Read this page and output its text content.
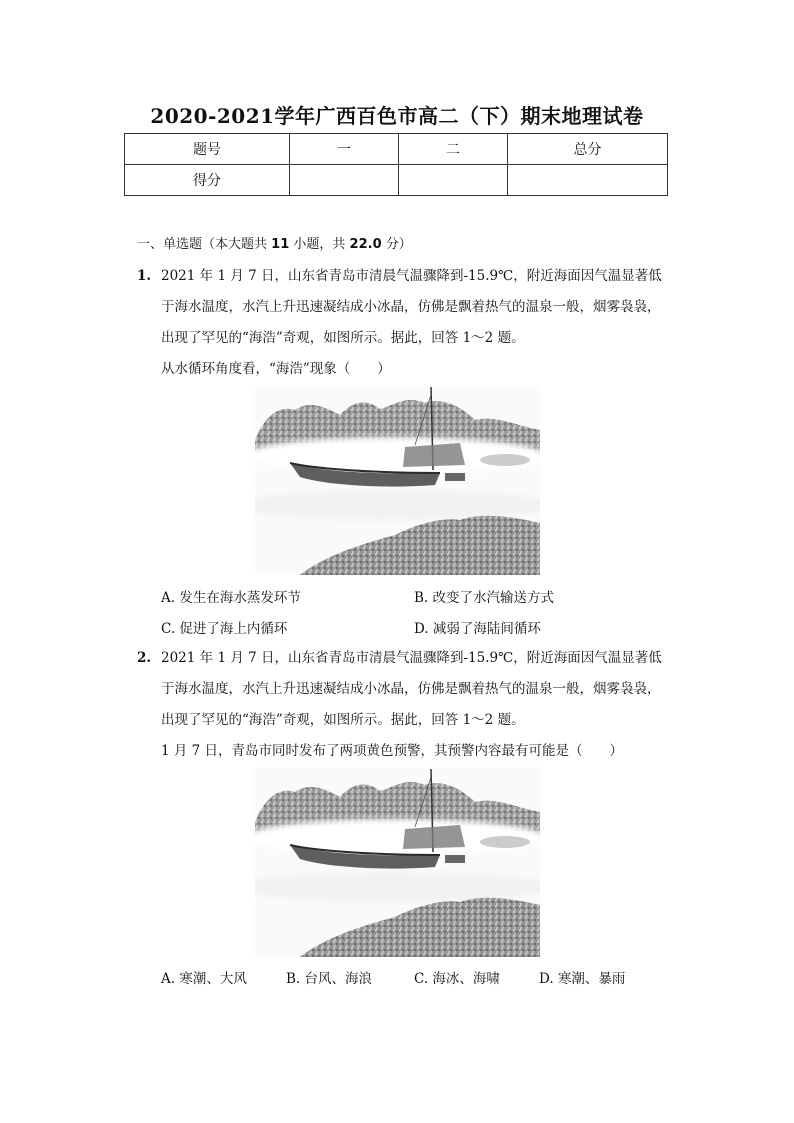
2020-2021学年广西百色市高二（下）期末地理试卷
题号	一	二	总分
得分			
一、单选题（本大题共 11 小题，共 22.0 分）
1. 2021 年 1 月 7 日，山东省青岛市清晨气温骤降到-15.9℃，附近海面因气温显著低
于海水温度，水汽上升迅速凝结成小冰晶，仿佛是飘着热气的温泉一般，烟雾袅袅，
出现了罕见的“海浩”奇观，如图所示。据此，回答 1～2 题。
从水循环角度看，“海浩”现象（　　）
A. 发生在海水蒸发环节	B. 改变了水汽输送方式
C. 促进了海上内循环	D. 减弱了海陆间循环
2. 2021 年 1 月 7 日，山东省青岛市清晨气温骤降到-15.9℃，附近海面因气温显著低
于海水温度，水汽上升迅速凝结成小冰晶，仿佛是飘着热气的温泉一般，烟雾袅袅，
出现了罕见的“海浩”奇观，如图所示。据此，回答 1～2 题。
1 月 7 日，青岛市同时发布了两项黄色预警，其预警内容最有可能是（　　）
A. 寒潮、大风	B. 台风、海浪	C. 海冰、海啸	D. 寒潮、暴雨
